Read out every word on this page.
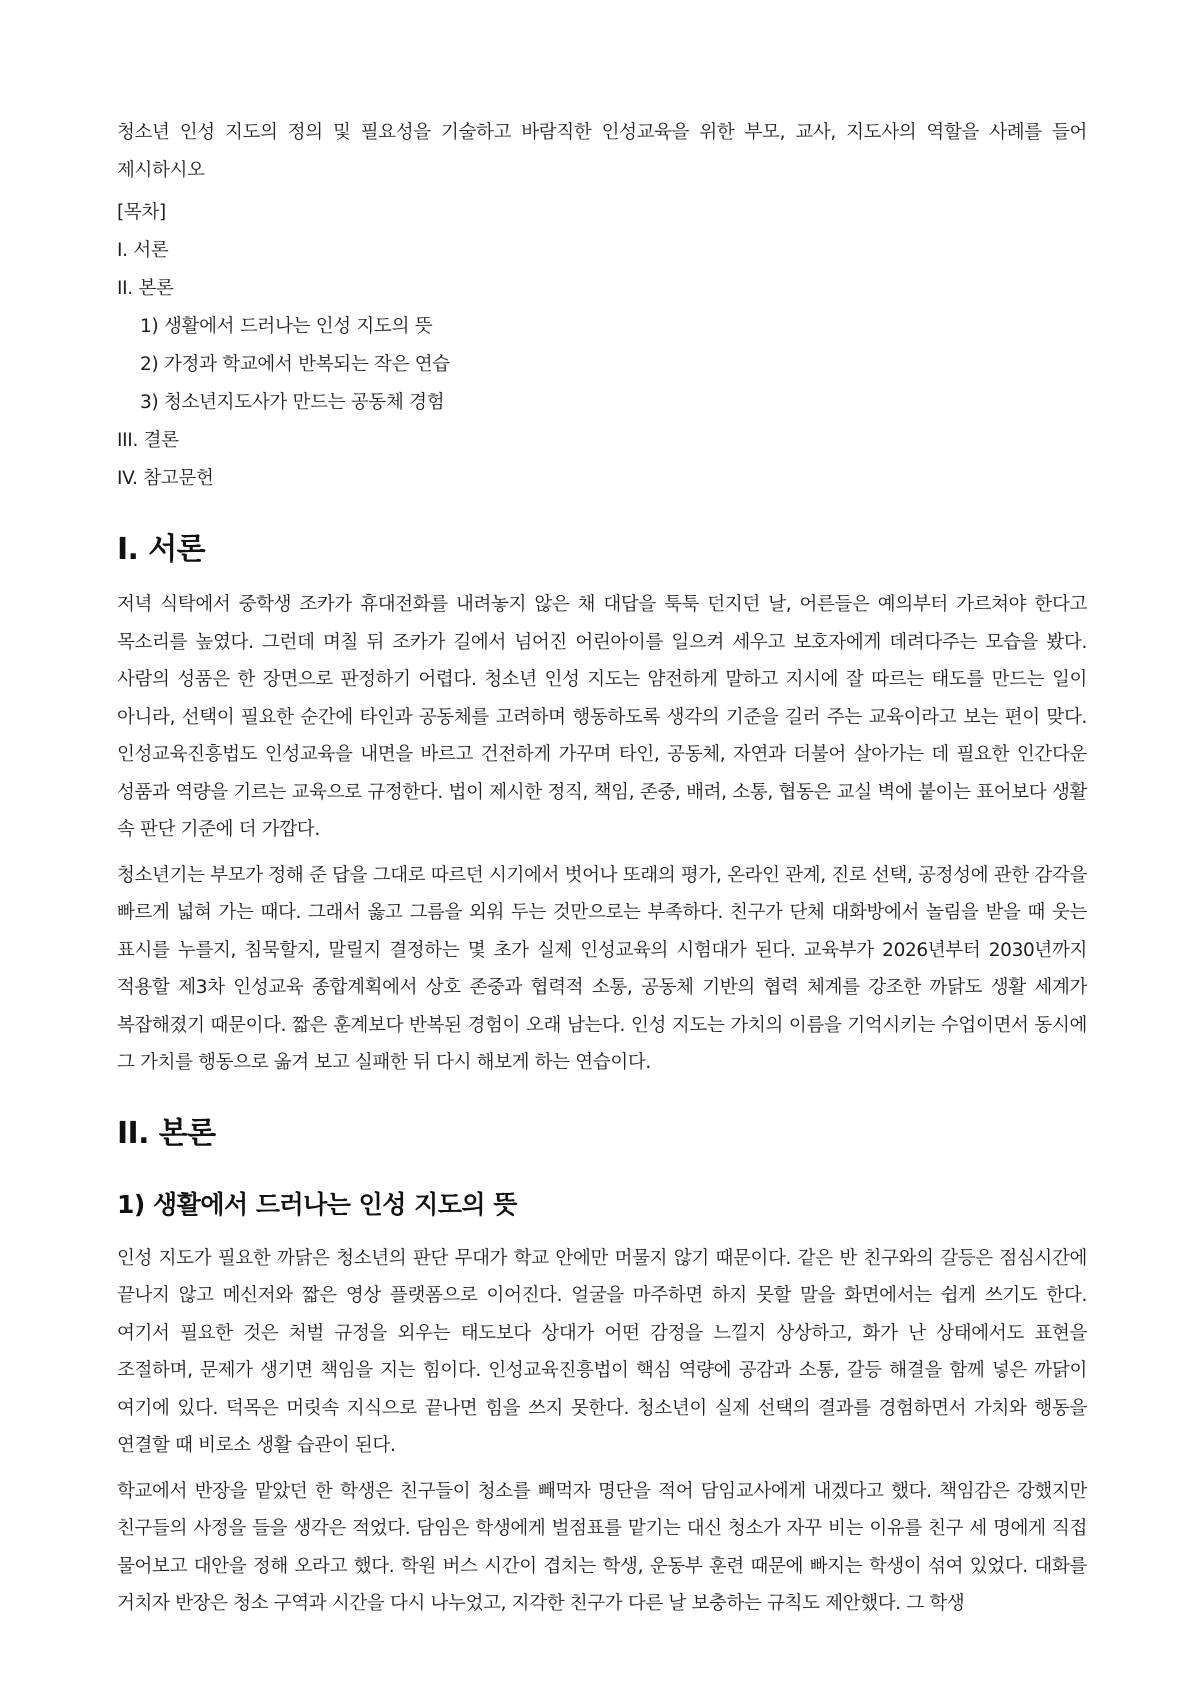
청소년 인성 지도의 정의 및 필요성을 기술하고 바람직한 인성교육을 위한 부모, 교사, 지도사의 역할을 사례를 들어 제시하시오

[목차]

I. 서론

II. 본론

1) 생활에서 드러나는 인성 지도의 뜻

2) 가정과 학교에서 반복되는 작은 연습

3) 청소년지도사가 만드는 공동체 경험

III. 결론

IV. 참고문헌

I. 서론

저녁 식탁에서 중학생 조카가 휴대전화를 내려놓지 않은 채 대답을 툭툭 던지던 날, 어른들은 예의부터 가르쳐야 한다고 목소리를 높였다. 그런데 며칠 뒤 조카가 길에서 넘어진 어린아이를 일으켜 세우고 보호자에게 데려다주는 모습을 봤다. 사람의 성품은 한 장면으로 판정하기 어렵다. 청소년 인성 지도는 얌전하게 말하고 지시에 잘 따르는 태도를 만드는 일이 아니라, 선택이 필요한 순간에 타인과 공동체를 고려하며 행동하도록 생각의 기준을 길러 주는 교육이라고 보는 편이 맞다. 인성교육진흥법도 인성교육을 내면을 바르고 건전하게 가꾸며 타인, 공동체, 자연과 더불어 살아가는 데 필요한 인간다운 성품과 역량을 기르는 교육으로 규정한다. 법이 제시한 정직, 책임, 존중, 배려, 소통, 협동은 교실 벽에 붙이는 표어보다 생활 속 판단 기준에 더 가깝다.

청소년기는 부모가 정해 준 답을 그대로 따르던 시기에서 벗어나 또래의 평가, 온라인 관계, 진로 선택, 공정성에 관한 감각을 빠르게 넓혀 가는 때다. 그래서 옳고 그름을 외워 두는 것만으로는 부족하다. 친구가 단체 대화방에서 놀림을 받을 때 웃는 표시를 누를지, 침묵할지, 말릴지 결정하는 몇 초가 실제 인성교육의 시험대가 된다. 교육부가 2026년부터 2030년까지 적용할 제3차 인성교육 종합계획에서 상호 존중과 협력적 소통, 공동체 기반의 협력 체계를 강조한 까닭도 생활 세계가 복잡해졌기 때문이다. 짧은 훈계보다 반복된 경험이 오래 남는다. 인성 지도는 가치의 이름을 기억시키는 수업이면서 동시에 그 가치를 행동으로 옮겨 보고 실패한 뒤 다시 해보게 하는 연습이다.

II. 본론
1) 생활에서 드러나는 인성 지도의 뜻

인성 지도가 필요한 까닭은 청소년의 판단 무대가 학교 안에만 머물지 않기 때문이다. 같은 반 친구와의 갈등은 점심시간에 끝나지 않고 메신저와 짧은 영상 플랫폼으로 이어진다. 얼굴을 마주하면 하지 못할 말을 화면에서는 쉽게 쓰기도 한다. 여기서 필요한 것은 처벌 규정을 외우는 태도보다 상대가 어떤 감정을 느낄지 상상하고, 화가 난 상태에서도 표현을 조절하며, 문제가 생기면 책임을 지는 힘이다. 인성교육진흥법이 핵심 역량에 공감과 소통, 갈등 해결을 함께 넣은 까닭이 여기에 있다. 덕목은 머릿속 지식으로 끝나면 힘을 쓰지 못한다. 청소년이 실제 선택의 결과를 경험하면서 가치와 행동을 연결할 때 비로소 생활 습관이 된다.

학교에서 반장을 맡았던 한 학생은 친구들이 청소를 빼먹자 명단을 적어 담임교사에게 내겠다고 했다. 책임감은 강했지만 친구들의 사정을 들을 생각은 적었다. 담임은 학생에게 벌점표를 맡기는 대신 청소가 자꾸 비는 이유를 친구 세 명에게 직접 물어보고 대안을 정해 오라고 했다. 학원 버스 시간이 겹치는 학생, 운동부 훈련 때문에 빠지는 학생이 섞여 있었다. 대화를 거치자 반장은 청소 구역과 시간을 다시 나누었고, 지각한 친구가 다른 날 보충하는 규칙도 제안했다. 그 학생
